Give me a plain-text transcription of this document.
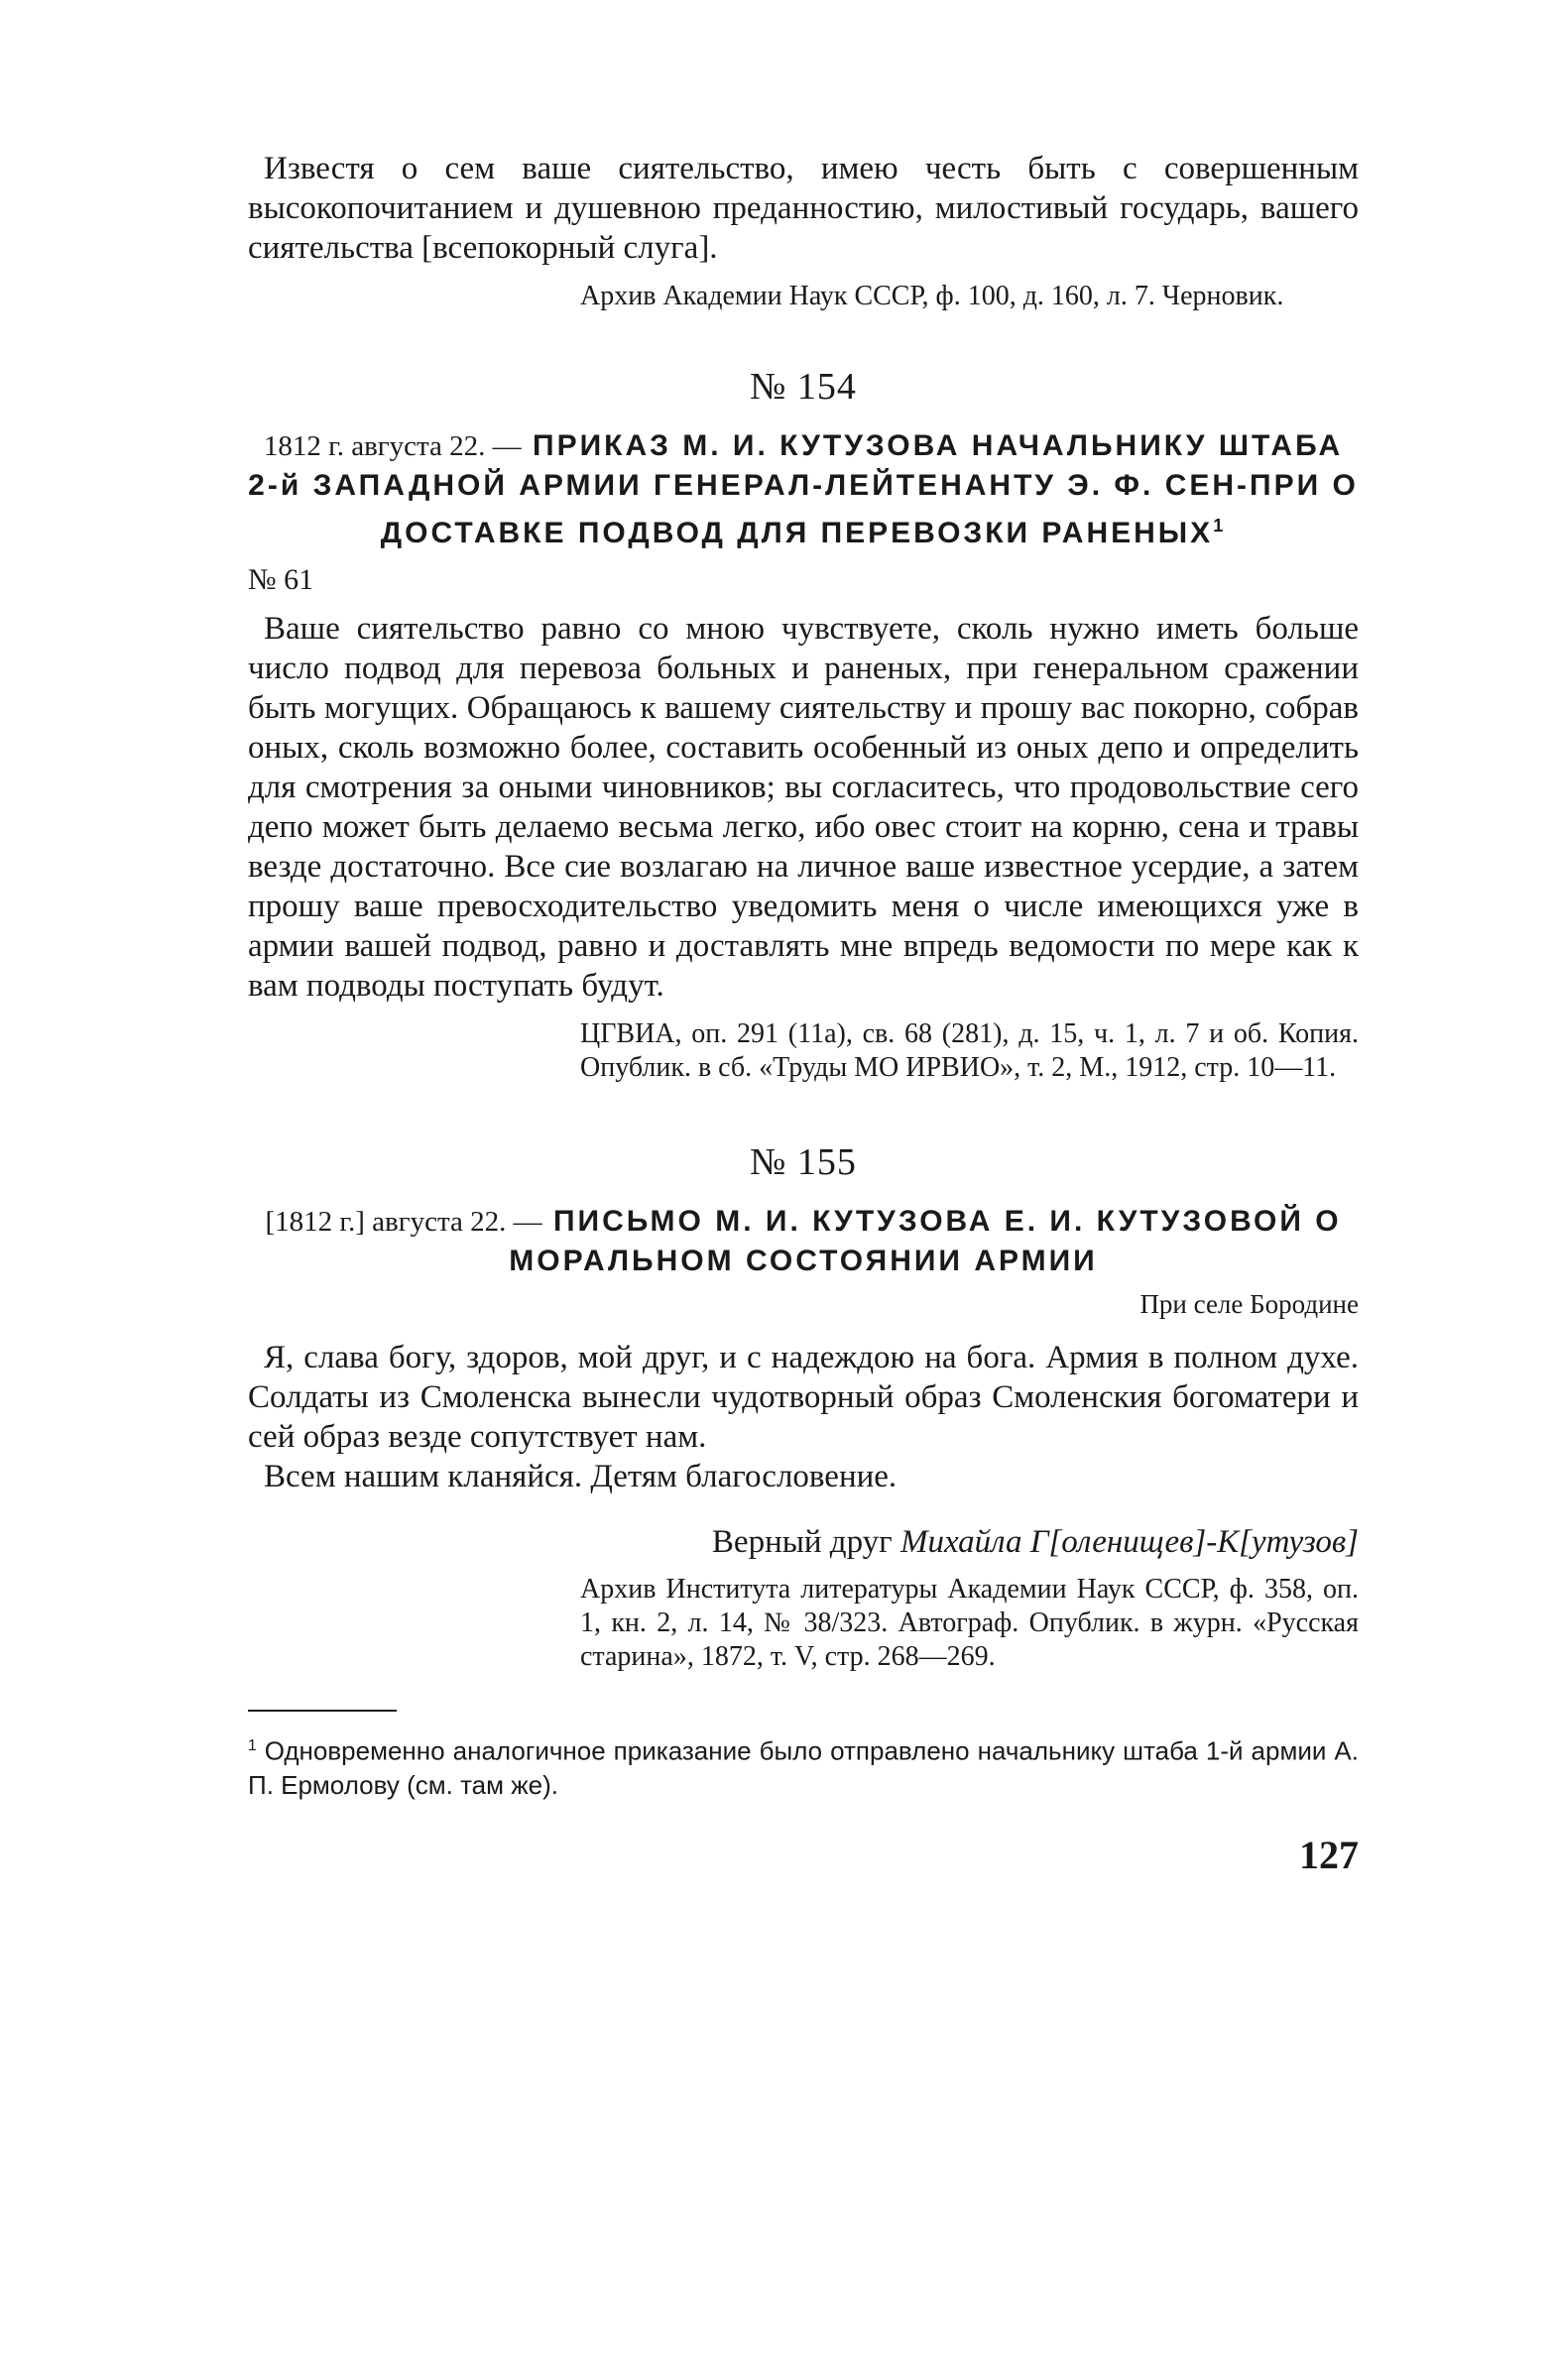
Известя о сем ваше сиятельство, имею честь быть с совершенным высокопочитанием и душевною преданностию, милостивый государь, вашего сиятельства [всепокорный слуга].

Архив Академии Наук СССР, ф. 100, д. 160, л. 7. Черновик.

№ 154
1812 г. августа 22. — ПРИКАЗ М. И. КУТУЗОВА НАЧАЛЬНИКУ ШТАБА 2-й ЗАПАДНОЙ АРМИИ ГЕНЕРАЛ-ЛЕЙТЕНАНТУ Э. Ф. СЕН-ПРИ О ДОСТАВКЕ ПОДВОД ДЛЯ ПЕРЕВОЗКИ РАНЕНЫХ$^1$
№ 61

Ваше сиятельство равно со мною чувствуете, сколь нужно иметь больше число подвод для перевоза больных и раненых, при генеральном сражении быть могущих. Обращаюсь к вашему сиятельству и прошу вас покорно, собрав оных, сколь возможно более, составить особенный из оных депо и определить для смотрения за оными чиновников; вы согласитесь, что продовольствие сего депо может быть делаемо весьма легко, ибо овес стоит на корню, сена и травы везде достаточно. Все сие возлагаю на личное ваше известное усердие, а затем прошу ваше превосходительство уведомить меня о числе имеющихся уже в армии вашей подвод, равно и доставлять мне впредь ведомости по мере как к вам подводы поступать будут.

ЦГВИА, оп. 291 (11а), св. 68 (281), д. 15, ч. 1, л. 7 и об. Копия. Опублик. в сб. «Труды МО ИРВИО», т. 2, М., 1912, стр. 10—11.

№ 155
[1812 г.] августа 22. — ПИСЬМО М. И. КУТУЗОВА Е. И. КУТУЗОВОЙ О МОРАЛЬНОМ СОСТОЯНИИ АРМИИ
При селе Бородине

Я, слава богу, здоров, мой друг, и с надеждою на бога. Армия в полном духе. Солдаты из Смоленска вынесли чудотворный образ Смоленския богоматери и сей образ везде сопутствует нам.

Всем нашим кланяйся. Детям благословение.

Верный друг Михайла Г[оленищев]-К[утузов]

Архив Института литературы Академии Наук СССР, ф. 358, оп. 1, кн. 2, л. 14, № 38/323. Автограф. Опублик. в журн. «Русская старина», 1872, т. V, стр. 268—269.

$^1$ Одновременно аналогичное приказание было отправлено начальнику штаба 1-й армии А. П. Ермолову (см. там же).

127
